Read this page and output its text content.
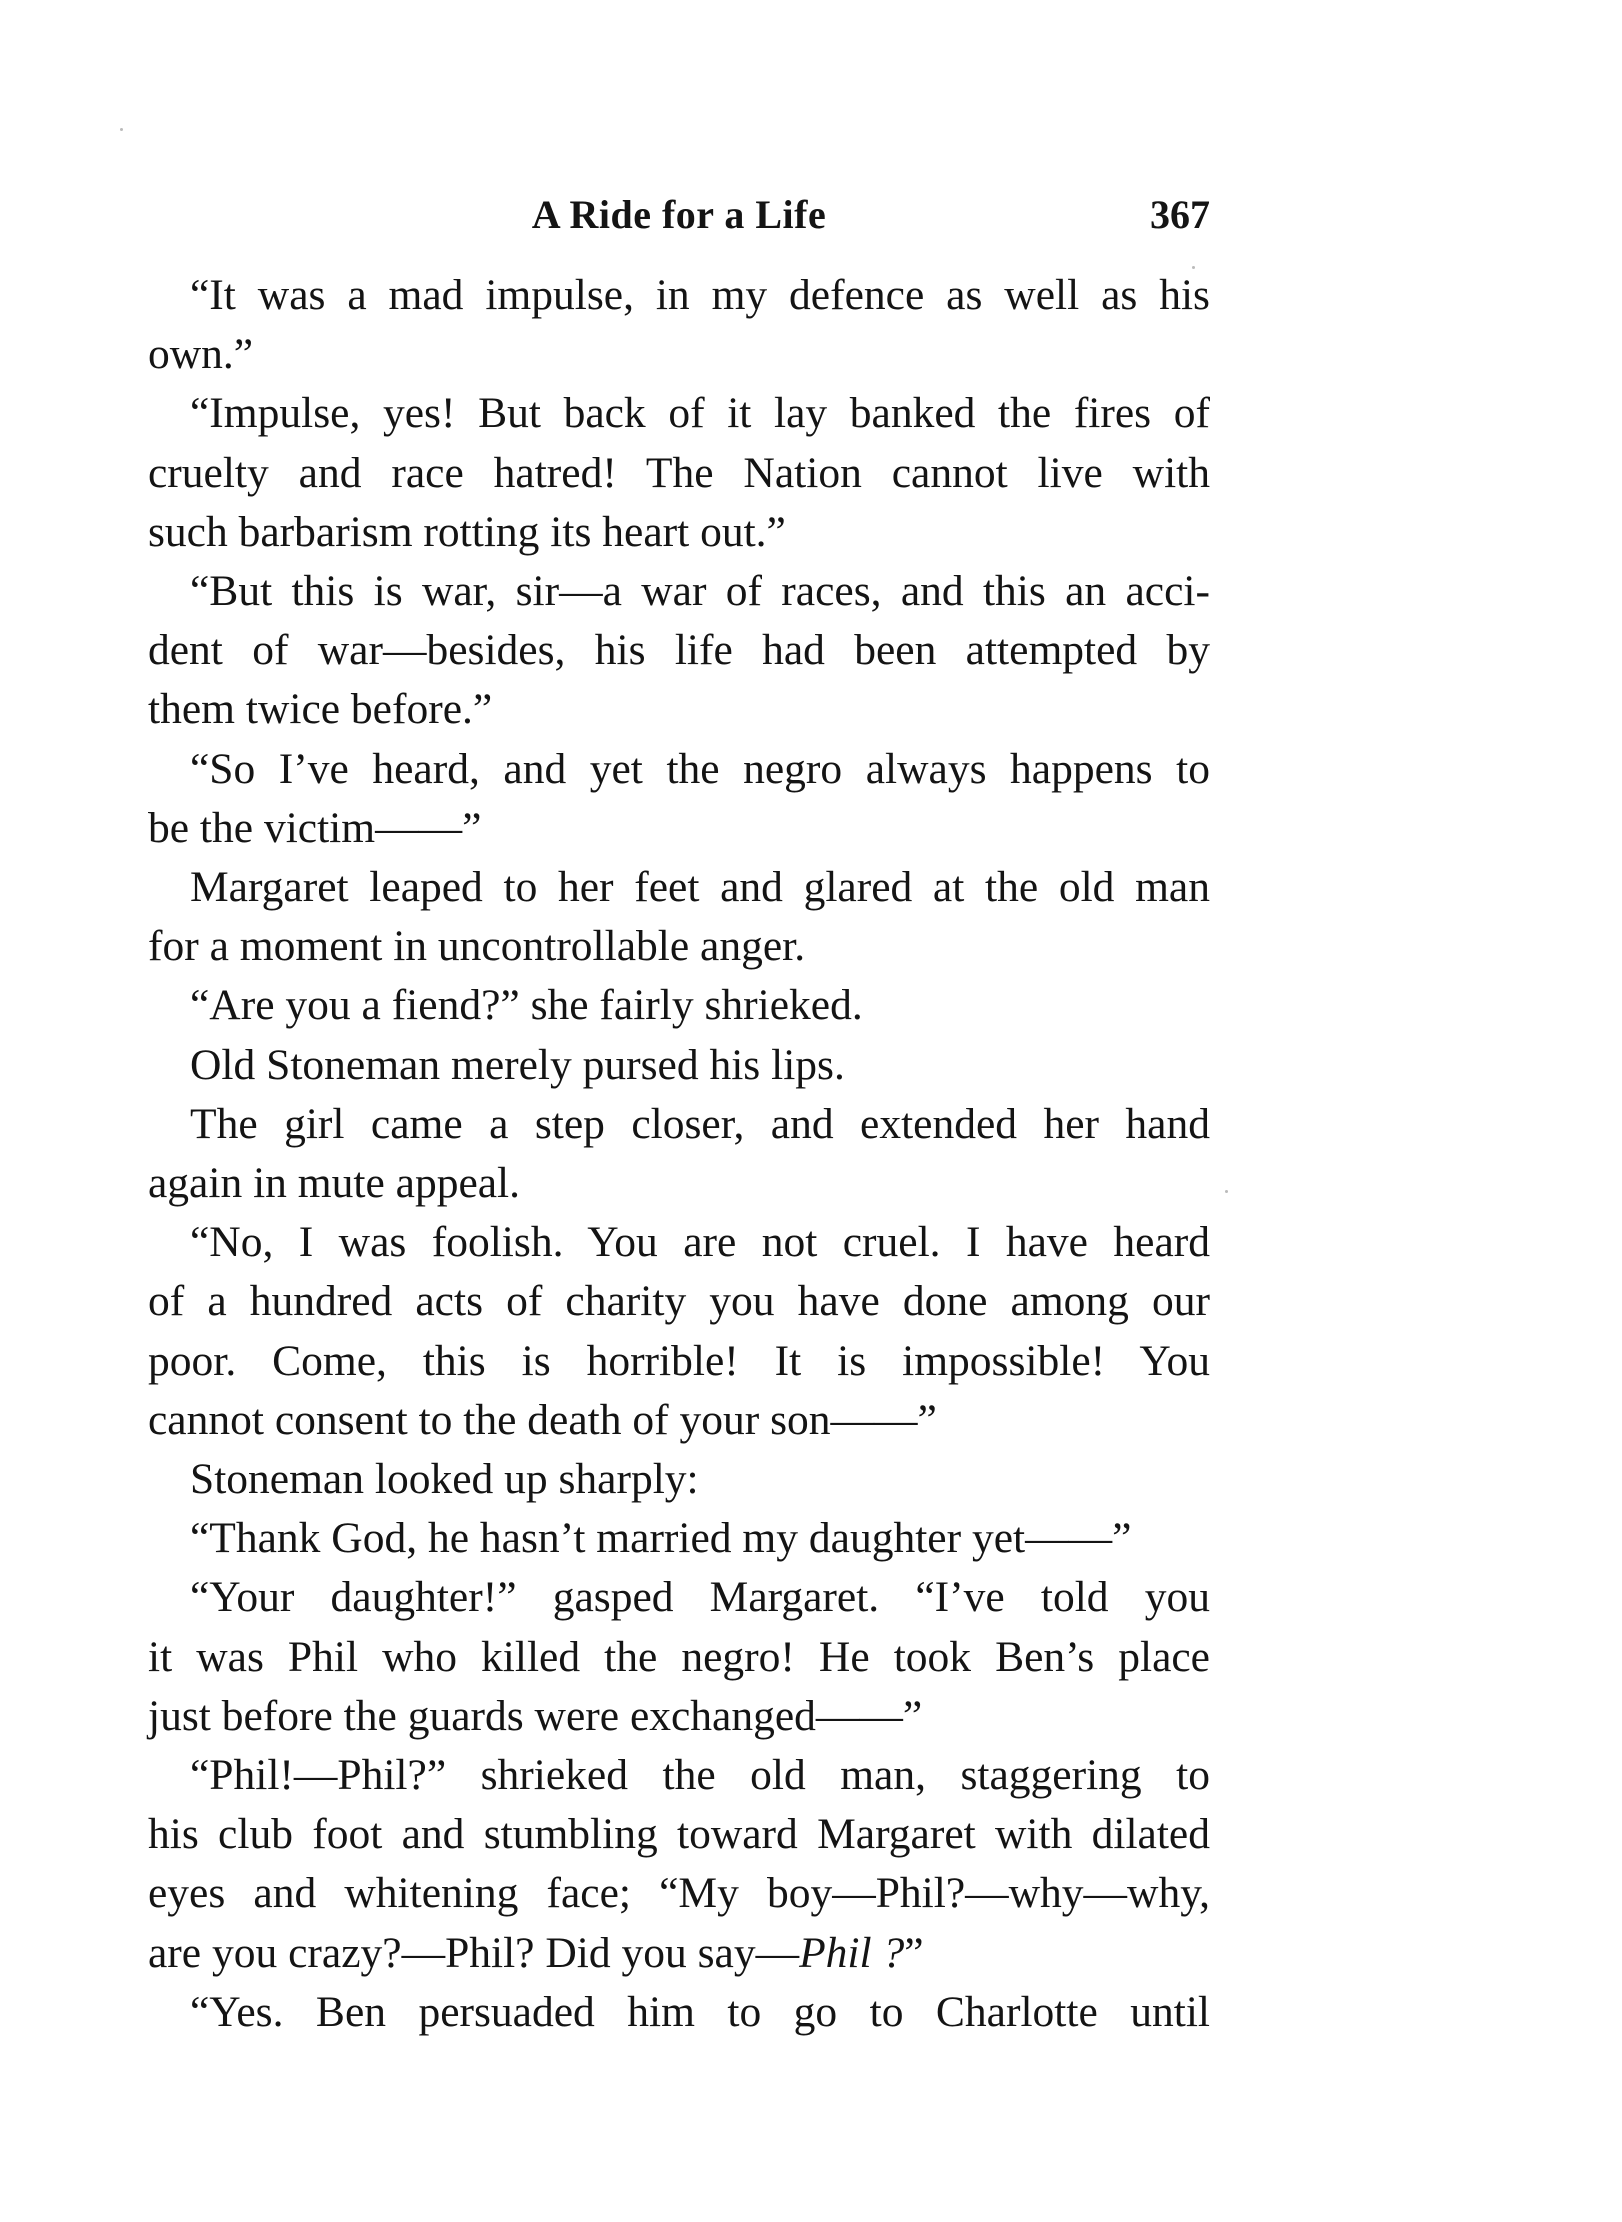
A Ride for a Life	367
“It was a mad impulse, in my defence as well as his
own.”
“Impulse, yes! But back of it lay banked the fires of
cruelty and race hatred! The Nation cannot live with
such barbarism rotting its heart out.”
“But this is war, sir—a war of races, and this an acci-
dent of war—besides, his life had been attempted by
them twice before.”
“So I’ve heard, and yet the negro always happens to
be the victim——”
Margaret leaped to her feet and glared at the old man
for a moment in uncontrollable anger.
“Are you a fiend?” she fairly shrieked.
Old Stoneman merely pursed his lips.
The girl came a step closer, and extended her hand
again in mute appeal.
“No, I was foolish. You are not cruel. I have heard
of a hundred acts of charity you have done among our
poor. Come, this is horrible! It is impossible! You
cannot consent to the death of your son——”
Stoneman looked up sharply:
“Thank God, he hasn’t married my daughter yet——”
“Your daughter!” gasped Margaret. “I’ve told you
it was Phil who killed the negro! He took Ben’s place
just before the guards were exchanged——”
“Phil!—Phil?” shrieked the old man, staggering to
his club foot and stumbling toward Margaret with dilated
eyes and whitening face; “My boy—Phil?—why—why,
are you crazy?—Phil? Did you say—Phil ?”
“Yes. Ben persuaded him to go to Charlotte until
